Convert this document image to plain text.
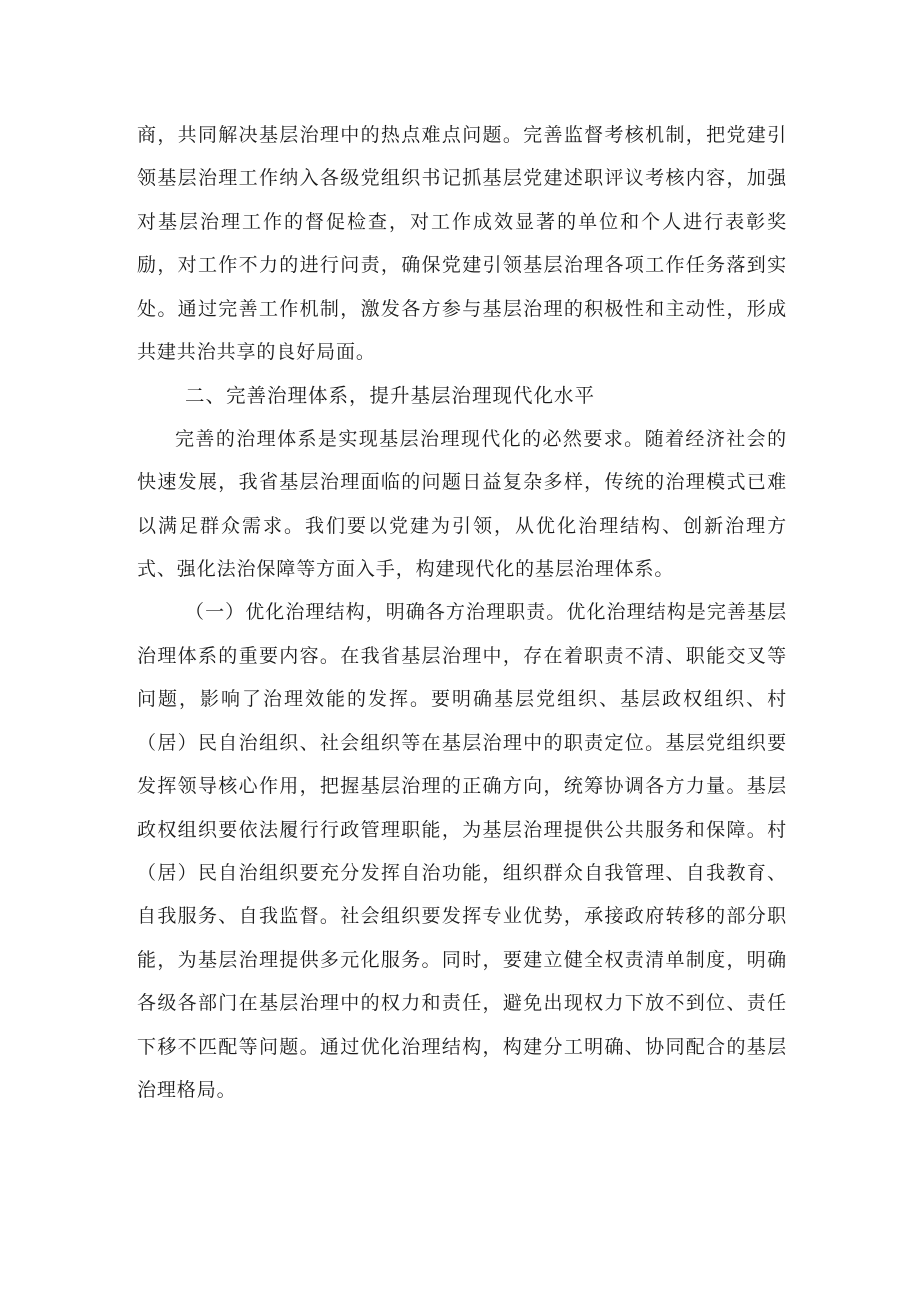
商，共同解决基层治理中的热点难点问题。完善监督考核机制，把党建引领基层治理工作纳入各级党组织书记抓基层党建述职评议考核内容，加强对基层治理工作的督促检查，对工作成效显著的单位和个人进行表彰奖励，对工作不力的进行问责，确保党建引领基层治理各项工作任务落到实处。通过完善工作机制，激发各方参与基层治理的积极性和主动性，形成共建共治共享的良好局面。

二、完善治理体系，提升基层治理现代化水平

完善的治理体系是实现基层治理现代化的必然要求。随着经济社会的快速发展，我省基层治理面临的问题日益复杂多样，传统的治理模式已难以满足群众需求。我们要以党建为引领，从优化治理结构、创新治理方式、强化法治保障等方面入手，构建现代化的基层治理体系。

（一）优化治理结构，明确各方治理职责。优化治理结构是完善基层治理体系的重要内容。在我省基层治理中，存在着职责不清、职能交叉等问题，影响了治理效能的发挥。要明确基层党组织、基层政权组织、村（居）民自治组织、社会组织等在基层治理中的职责定位。基层党组织要发挥领导核心作用，把握基层治理的正确方向，统筹协调各方力量。基层政权组织要依法履行行政管理职能，为基层治理提供公共服务和保障。村（居）民自治组织要充分发挥自治功能，组织群众自我管理、自我教育、自我服务、自我监督。社会组织要发挥专业优势，承接政府转移的部分职能，为基层治理提供多元化服务。同时，要建立健全权责清单制度，明确各级各部门在基层治理中的权力和责任，避免出现权力下放不到位、责任下移不匹配等问题。通过优化治理结构，构建分工明确、协同配合的基层治理格局。
